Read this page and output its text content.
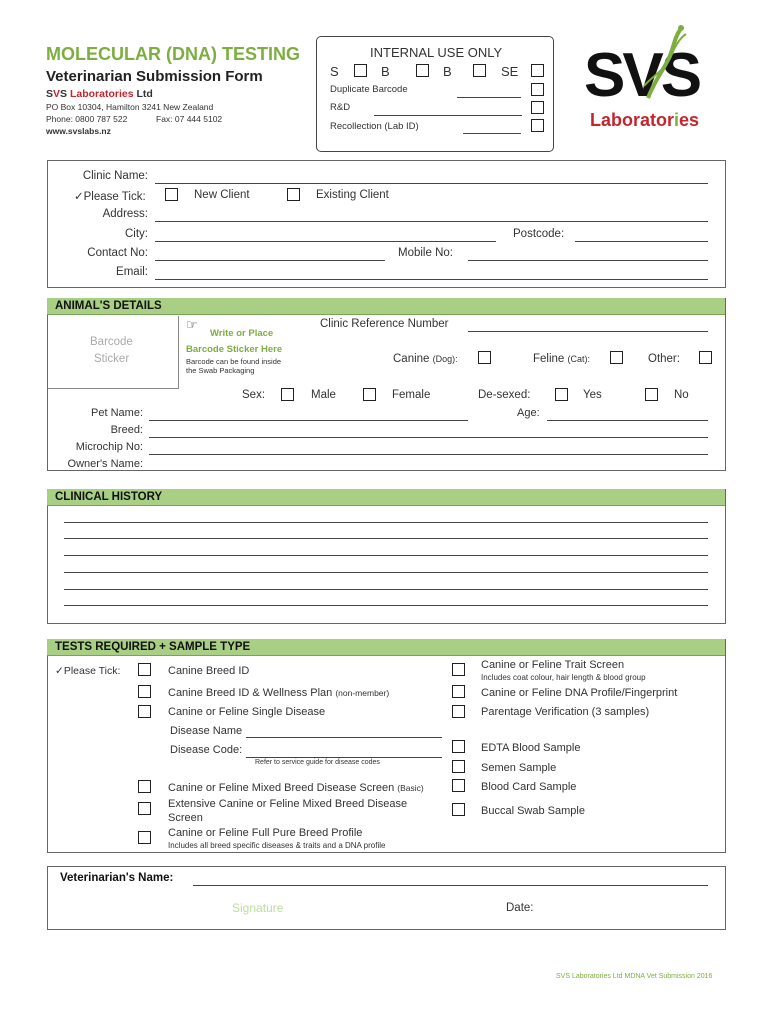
MOLECULAR (DNA) TESTING
Veterinarian Submission Form
SVS Laboratories Ltd
PO Box 10304, Hamilton 3241 New Zealand
Phone: 0800 787 522	Fax: 07 444 5102
www.svslabs.nz
INTERNAL USE ONLY
S	B	B	SE
Duplicate Barcode
R&D
Recollection (Lab ID)
SVS
Laboratories
Clinic Name:
✓Please Tick:	New Client	Existing Client
Address:
City:	Postcode:
Contact No:	Mobile No:
Email:
ANIMAL'S DETAILS
Barcode
Sticker
☞
Write or Place
Barcode Sticker Here
Barcode can be found inside
the Swab Packaging
Clinic Reference Number
Canine (Dog):	Feline (Cat):	Other:
Sex:	Male	Female	De-sexed:	Yes	No
Pet Name:	Age:
Breed:
Microchip No:
Owner's Name:
CLINICAL HISTORY
TESTS REQUIRED + SAMPLE TYPE
✓Please Tick:	Canine Breed ID
Canine Breed ID & Wellness Plan (non-member)
Canine or Feline Single Disease
Disease Name
Disease Code:
Refer to service guide for disease codes
Canine or Feline Mixed Breed Disease Screen (Basic)
Extensive Canine or Feline Mixed Breed Disease
Screen
Canine or Feline Full Pure Breed Profile
Includes all breed specific diseases & traits and a DNA profile
Canine or Feline Trait Screen
Includes coat colour, hair length & blood group
Canine or Feline DNA Profile/Fingerprint
Parentage Verification (3 samples)
EDTA Blood Sample
Semen Sample
Blood Card Sample
Buccal Swab Sample
Veterinarian's Name:
Signature	Date:
SVS Laboratories Ltd MDNA Vet Submission 2016
